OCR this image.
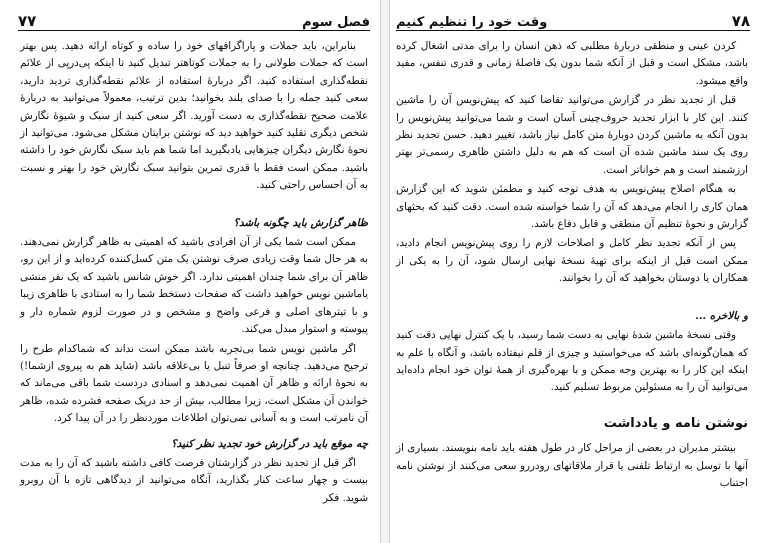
۷۷	فصل سوم

بنابراین، باید جملات و پاراگرافهای خود را ساده و کوتاه ارائه دهید. پس بهتر است که جملات طولانی را به جملات کوتاهتر تبدیل کنید تا اینکه پی‌درپی از علائم نقطه‌گذاری استفاده کنید. اگر دربارهٔ استفاده از علائم نقطه‌گذاری تردید دارید، سعی کنید جمله را با صدای بلند بخوانید؛ بدین ترتیب، معمولاً می‌توانید به دربارهٔ علامت صحیح نقطه‌گذاری به دست آورید. اگر سعی کنید از سبک و شیوهٔ نگارش شخص دیگری تقلید کنید خواهید دید که نوشتن برایتان مشکل می‌شود. می‌توانید از نحوهٔ نگارش دیگران چیزهایی یادبگیرید اما شما هم باید سبک نگارش خود را داشته باشید. ممکن است فقط با قدری تمرین بتوانید سبک نگارش خود را بهتر و نسبت به آن احساس راحتی کنید.

ظاهر گزارش باید چگونه باشد؟

ممکن است شما یکی از آن افرادی باشید که اهمیتی به ظاهر گزارش نمی‌دهند. به هر حال شما وقت زیادی صرف نوشتن یک متن کسل‌کننده کرده‌اید و از این رو، ظاهر آن برای شما چندان اهمیتی ندارد. اگر خوش شانس باشید که یک نفر منشی یاماشین نویس خواهید داشت که صفحات دستخط شما را به استادی با ظاهری زیبا و با تیترهای اصلی و فرعی واضح و مشخص و در صورت لزوم شماره دار و پیوسته و استوار مبدل می‌کند.

اگر ماشین نویس شما بی‌تجربه باشد ممکن است نداند که شماکدام طرح را ترجیح می‌دهید. چنانچه او صرفاً تنبل یا بی‌علاقه باشد (شاید هم به پیروی ازشما!) به نحوهٔ ارائه و ظاهر آن اهمیت نمی‌دهد و اسنادی دردست شما باقی می‌ماند که خواندن آن مشکل است، زیرا مطالب، بیش از حد دریک صفحه فشرده شده، ظاهر آن نامرتب است و به آسانی نمی‌توان اطلاعات موردنظر را در آن پیدا کرد.

چه موقع باید در گزارش خود تجدید نظر کنید؟

اگر قبل از تجدید نظر در گزارشتان فرصت کافی داشته باشید که آن را به مدت بیست و چهار ساعت کنار بگذارید، آنگاه می‌توانید از دیدگاهی تازه با آن روبرو شوید. فکر

وقت خود را تنظیم کنیم	۷۸

کردن عینی و منطقی دربارهٔ مطلبی که ذهن انسان را برای مدتی اشغال کرده باشد، مشکل است و قبل از آنکه شما بدون یک فاصلهٔ زمانی و قدری تنفس، مفید واقع میشود.

قبل از تجدید نظر در گزارش می‌توانید تقاضا کنید که پیش‌نویس آن را ماشین کنند. این کار با ابزار تجدید حروف‌چینی آسان است و شما می‌توانید پیش‌نویس را بدون آنکه به ماشین کردن دوبارهٔ متن کامل نیاز باشد، تغییر دهید. حسن تجدید نظر روی یک سند ماشین شده آن است که هم به دلیل داشتن ظاهری رسمی‌تر بهتر ارزشمند است و هم خواناتر است.

به هنگام اصلاح پیش‌نویس به هدف توجه کنید و مطمئن شوید که این گزارش همان کاری را انجام می‌دهد که آن را شما خواسته شده است. دقت کنید که بحثهای گزارش و نحوهٔ تنظیم آن منطقی و قابل دفاع باشد.

پس از آنکه تجدید نظر کامل و اصلاحات لازم را روی پیش‌نویس انجام دادید، ممکن است قبل از اینکه برای تهیهٔ نسخهٔ نهایی ارسال شود، آن را به یکی از همکاران یا دوستان بخواهید که آن را بخوانند.

و بالاخره ...

وقتی نسخهٔ ماشین شدهٔ نهایی به دست شما رسید، با یک کنترل نهایی دقت کنید که همان‌گونه‌ای باشد که می‌خواستید و چیزی از قلم نیفتاده باشد، و آنگاه با علم به اینکه این کار را به بهترین وجه ممکن و با بهره‌گیری از همهٔ توان خود انجام داده‌اید می‌توانید آن را به مسئولین مربوط تسلیم کنید.

نوشتن نامه و یادداشت

بیشتر مدیران در بعضی از مراحل کار در طول هفته باید نامه بنویسند. بسیاری از آنها با توسل به ارتباط تلفنی یا قرار ملاقاتهای رودررو سعی می‌کنند از نوشتن نامه اجتناب
